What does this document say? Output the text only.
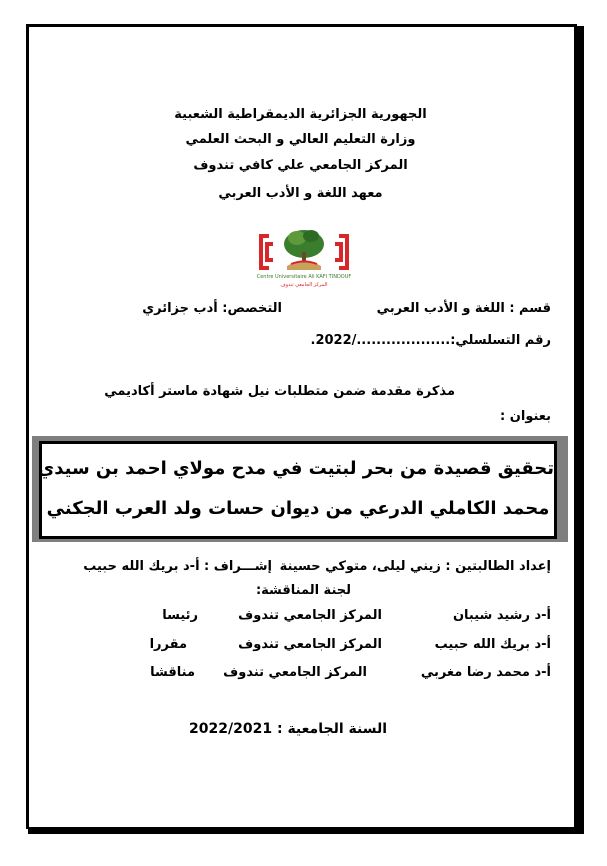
الجهورية الجزائرية الديمقراطية الشعبية
وزارة التعليم العالي و البحث العلمي
المركز الجامعي علي كافي تندوف
معهد اللغة و الأدب العربي
Centre Universitaire Ali KAFI TINDOUF
المركز الجامعي تندوف
قسم : اللغة و الأدب العربي
التخصص: أدب جزائري
رقم التسلسلي:.................../2022.
مذكرة مقدمة ضمن متطلبات نيل شهادة ماستر أكاديمي
بعنوان :
تحقيق قصيدة من بحر لبتيت في مدح مولاي احمد بن سيدي
محمد الكاملي الدرعي من ديوان حسات ولد العرب الجكني
إعداد الطالبتين : زيني ليلى، متوكي حسينة
إشـــراف : أ-د بريك الله حبيب
لجنة المناقشة:
أ-د رشيد شيبان
المركز الجامعي تندوف
رئيسا
أ-د بريك الله حبيب
المركز الجامعي تندوف
مقررا
أ-د محمد رضا مغربي
المركز الجامعي تندوف
مناقشا
السنة الجامعية : 2022/2021
